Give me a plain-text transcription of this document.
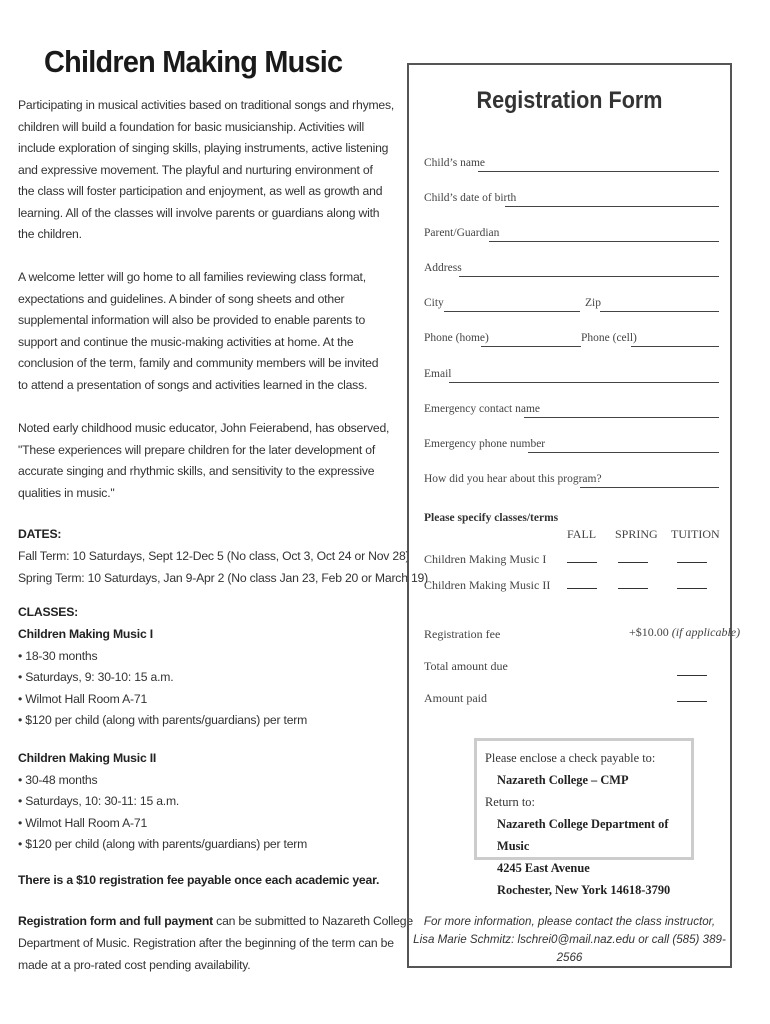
Children Making Music
Participating in musical activities based on traditional songs and rhymes,
children will build a foundation for basic musicianship. Activities will
include exploration of singing skills, playing instruments, active listening
and expressive movement. The playful and nurturing environment of
the class will foster participation and enjoyment, as well as growth and
learning. All of the classes will involve parents or guardians along with
the children.
A welcome letter will go home to all families reviewing class format,
expectations and guidelines. A binder of song sheets and other
supplemental information will also be provided to enable parents to
support and continue the music-making activities at home. At the
conclusion of the term, family and community members will be invited
to attend a presentation of songs and activities learned in the class.
Noted early childhood music educator, John Feierabend, has observed,
"These experiences will prepare children for the later development of
accurate singing and rhythmic skills, and sensitivity to the expressive
qualities in music."
DATES:
Fall Term: 10 Saturdays, Sept 12-Dec 5 (No class, Oct 3, Oct 24 or Nov 28)
Spring Term: 10 Saturdays, Jan 9-Apr 2 (No class Jan 23, Feb 20 or March 19)
CLASSES:
Children Making Music I
• 18-30 months
• Saturdays, 9: 30-10: 15 a.m.
• Wilmot Hall Room A-71
• $120 per child (along with parents/guardians) per term
Children Making Music II
• 30-48 months
• Saturdays, 10: 30-11: 15 a.m.
• Wilmot Hall Room A-71
• $120 per child (along with parents/guardians) per term
There is a $10 registration fee payable once each academic year.
Registration form and full payment can be submitted to Nazareth College
Department of Music. Registration after the beginning of the term can be
made at a pro-rated cost pending availability.
Registration Form
Child’s name
Child’s date of birth
Parent/Guardian
Address
City	Zip
Phone (home)	Phone (cell)
Email
Emergency contact name
Emergency phone number
How did you hear about this program?
Please specify classes/terms
FALL SPRING TUITION
Children Making Music I
Children Making Music II
Registration fee	+$10.00 (if applicable)
Total amount due
Amount paid
Please enclose a check payable to:
Nazareth College – CMP
Return to:
Nazareth College Department of Music
4245 East Avenue
Rochester, New York 14618-3790
For more information, please contact the class instructor,
Lisa Marie Schmitz: lschrei0@mail.naz.edu or call (585) 389-2566
